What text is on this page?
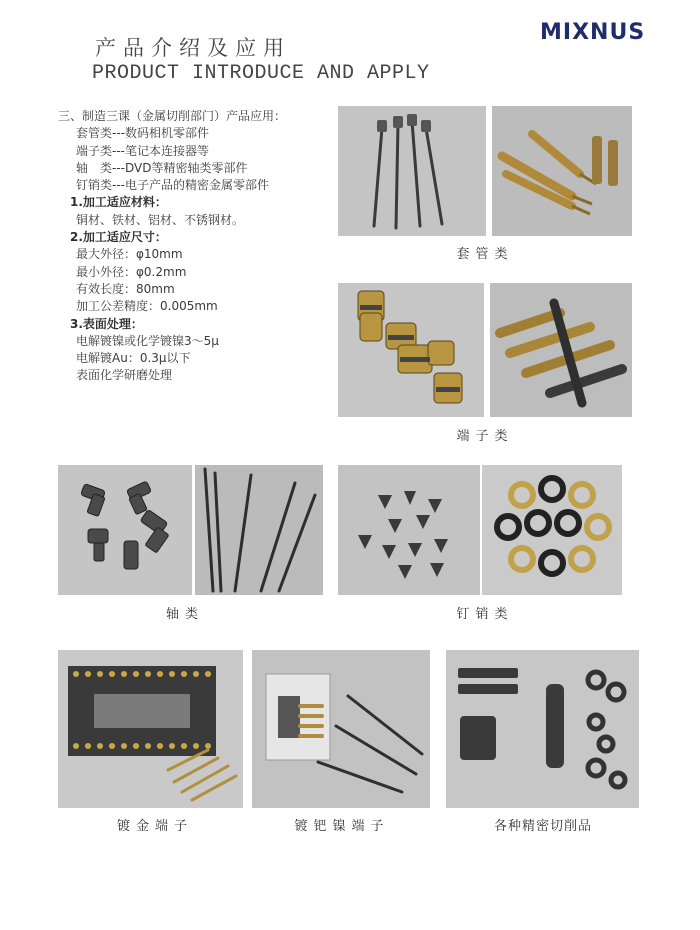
产品介绍及应用
PRODUCT INTRODUCE AND APPLY
MIXNUS
三、制造三课（金属切削部门）产品应用：
套管类---数码相机零部件
端子类---笔记本连接器等
轴　类---DVD等精密轴类零部件
钉销类---电子产品的精密金属零部件
1.加工适应材料：
铜材、铁材、铝材、不锈钢材。
2.加工适应尺寸：
最大外径：φ10mm
最小外径：φ0.2mm
有效长度：80mm
加工公差精度：0.005mm
3.表面处理：
电解镀镍或化学镀镍3～5μ
电解镀Au：0.3μ以下
表面化学研磨处理
套管类
端子类
轴类	钉销类
镀金端子	镀钯镍端子	各种精密切削品
